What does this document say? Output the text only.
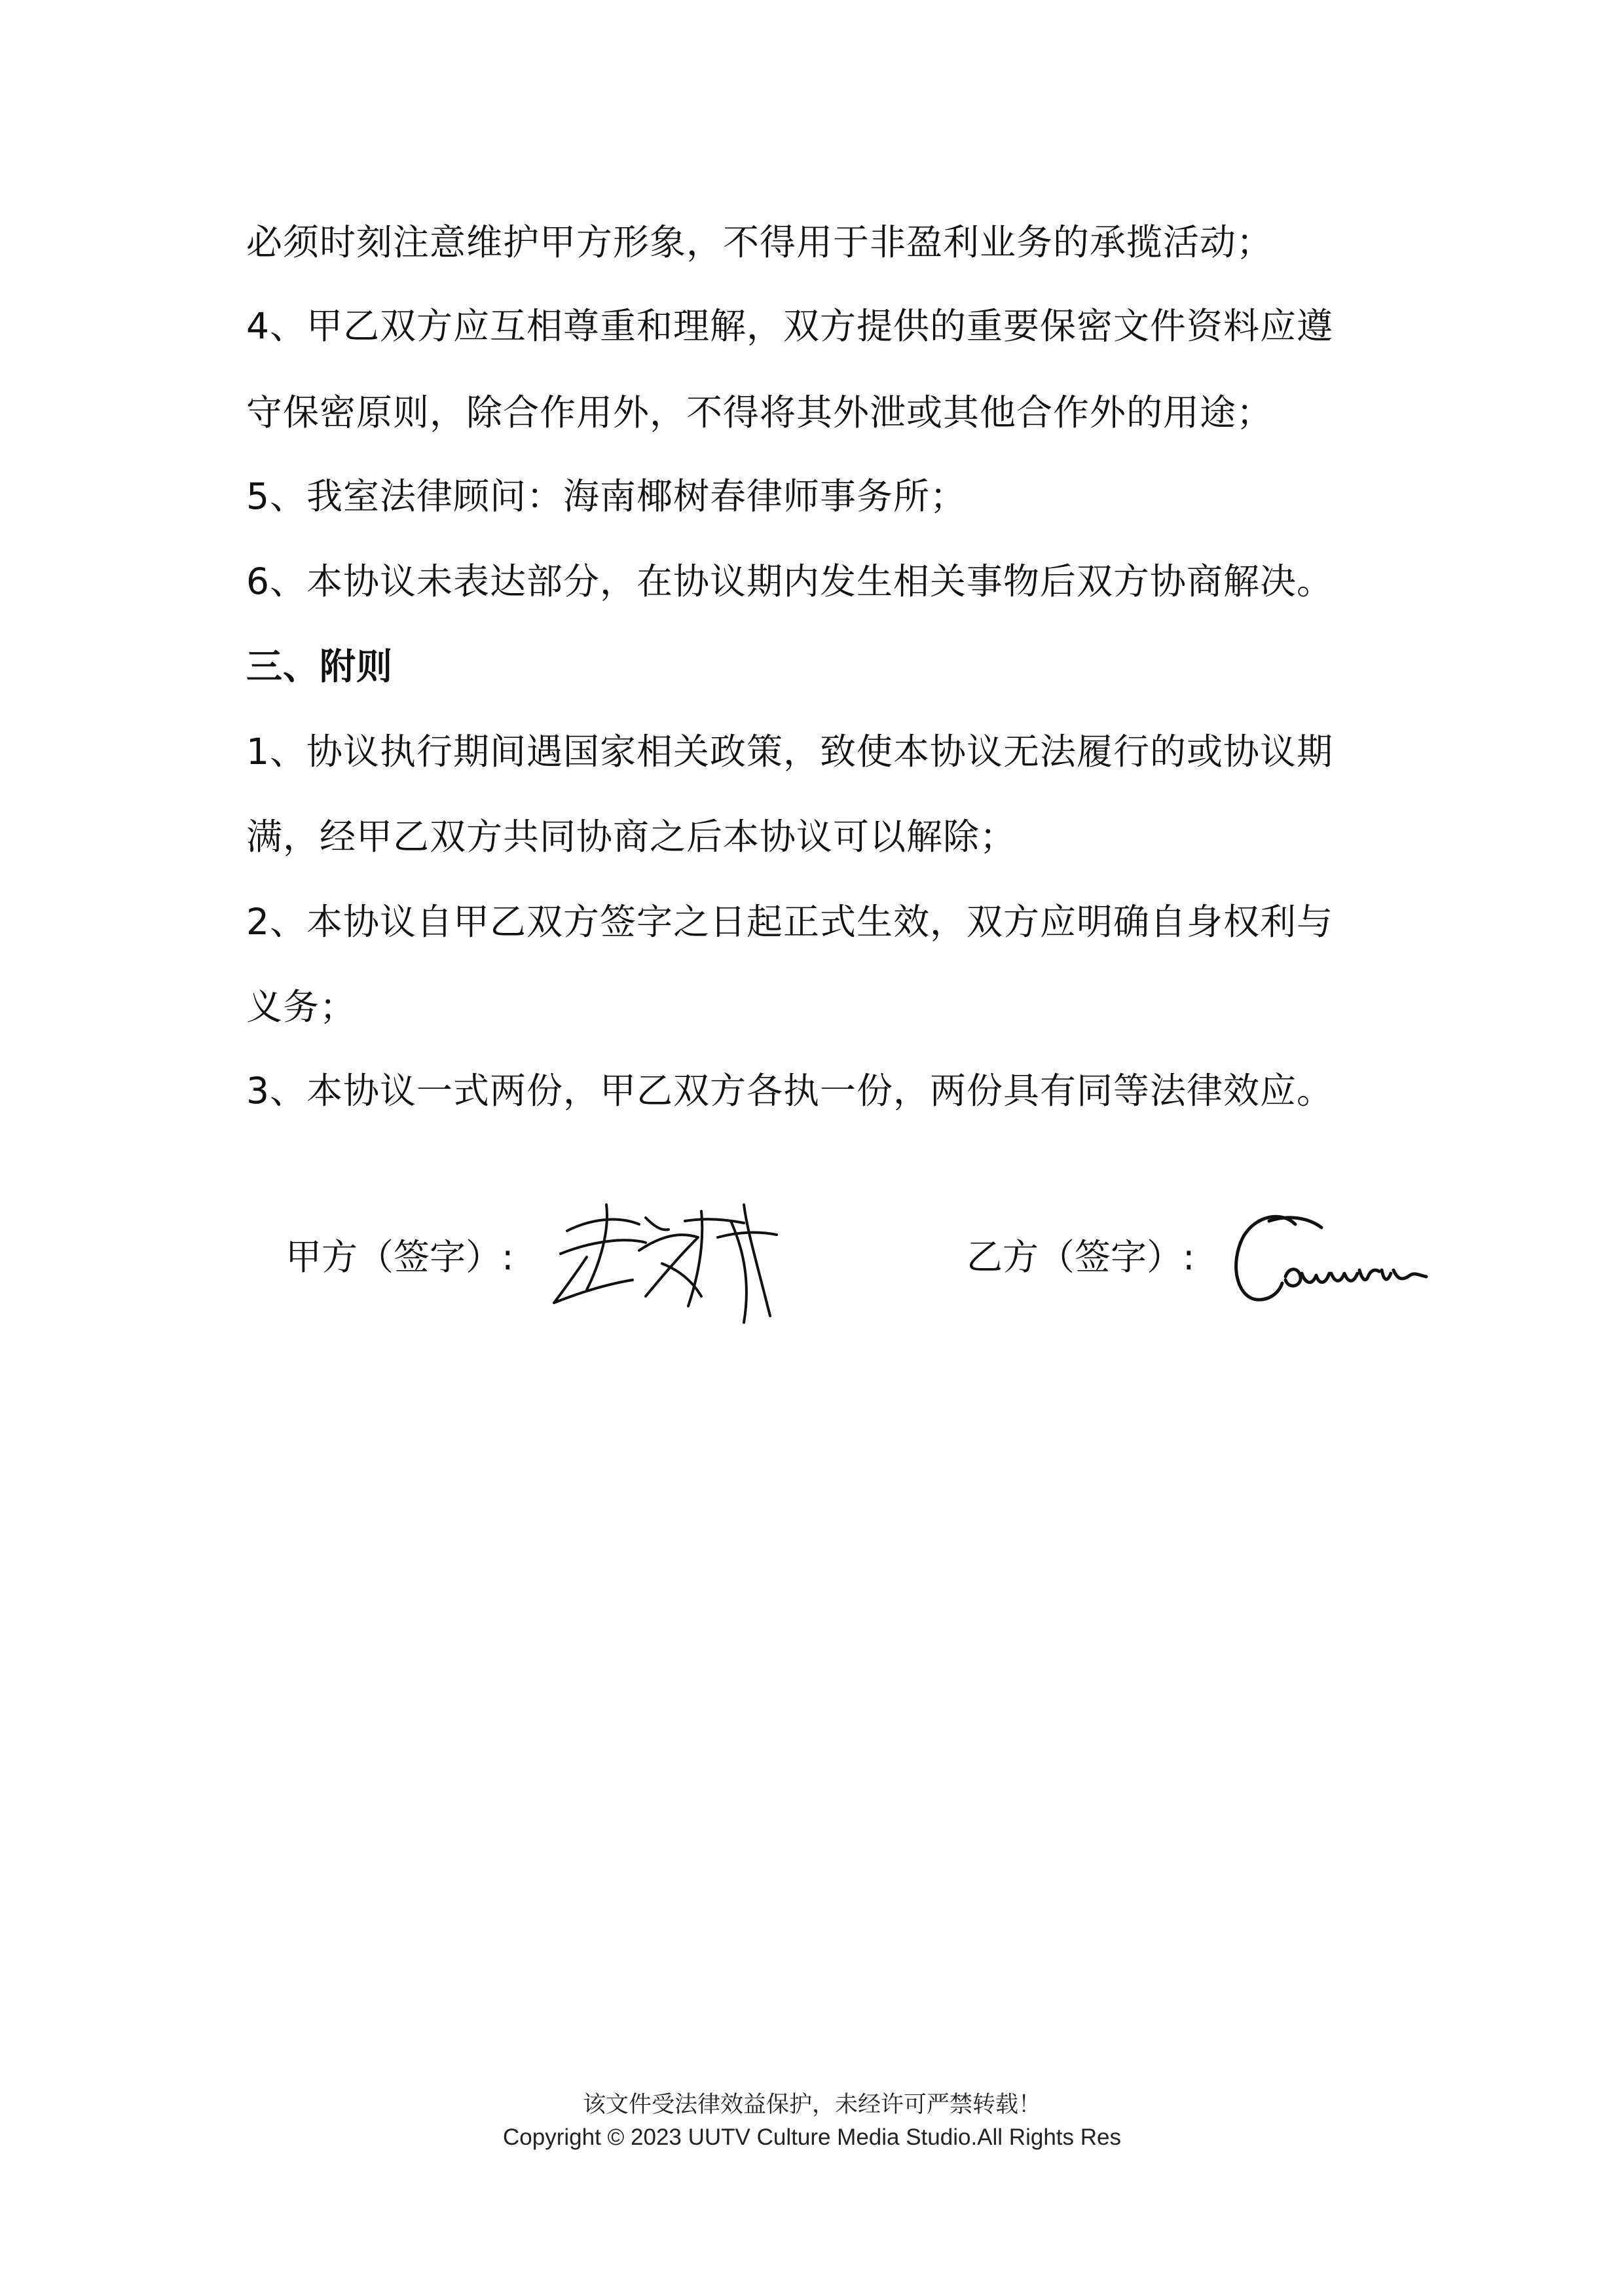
必须时刻注意维护甲方形象，不得用于非盈利业务的承揽活动；
4、甲乙双方应互相尊重和理解，双方提供的重要保密文件资料应遵
守保密原则，除合作用外，不得将其外泄或其他合作外的用途；
5、我室法律顾问：海南椰树春律师事务所；
6、本协议未表达部分，在协议期内发生相关事物后双方协商解决。
三、附则
1、协议执行期间遇国家相关政策，致使本协议无法履行的或协议期
满，经甲乙双方共同协商之后本协议可以解除；
2、本协议自甲乙双方签字之日起正式生效，双方应明确自身权利与
义务；
3、本协议一式两份，甲乙双方各执一份，两份具有同等法律效应。
甲方（签字）:	乙方（签字）:
该文件受法律效益保护，未经许可严禁转载！
Copyright © 2023 UUTV Culture Media Studio.All Rights Res
